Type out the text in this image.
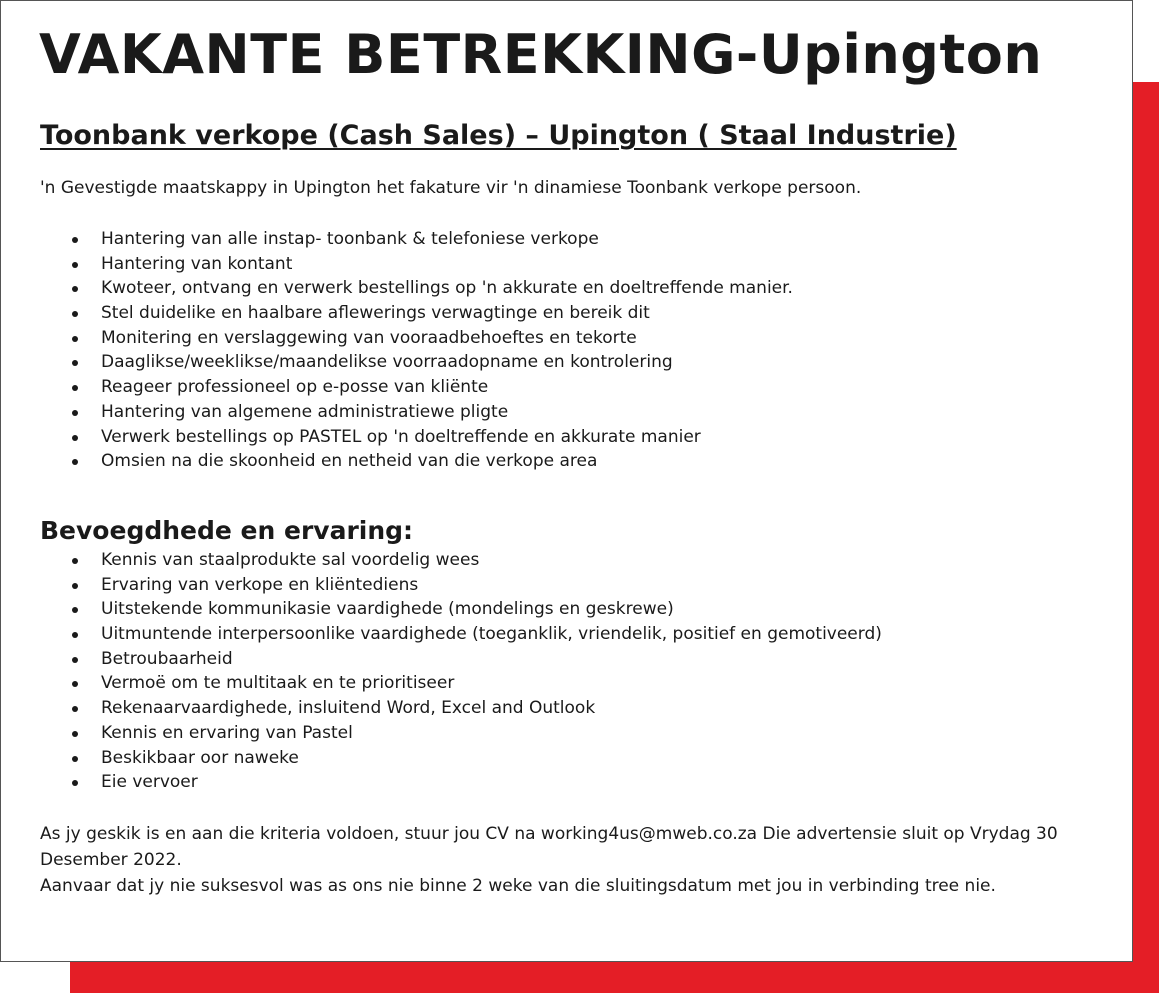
VAKANTE BETREKKING-Upington
Toonbank verkope (Cash Sales) – Upington ( Staal Industrie)

'n Gevestigde maatskappy in Upington het fakature vir 'n dinamiese Toonbank verkope persoon.

Hantering van alle instap- toonbank & telefoniese verkope
Hantering van kontant
Kwoteer, ontvang en verwerk bestellings op 'n akkurate en doeltreffende manier.
Stel duidelike en haalbare aflewerings verwagtinge en bereik dit
Monitering en verslaggewing van vooraadbehoeftes en tekorte
Daaglikse/weeklikse/maandelikse voorraadopname en kontrolering
Reageer professioneel op e-posse van kliënte
Hantering van algemene administratiewe pligte
Verwerk bestellings op PASTEL op 'n doeltreffende en akkurate manier
Omsien na die skoonheid en netheid van die verkope area
Bevoegdhede en ervaring:
Kennis van staalprodukte sal voordelig wees
Ervaring van verkope en kliëntediens
Uitstekende kommunikasie vaardighede (mondelings en geskrewe)
Uitmuntende interpersoonlike vaardighede (toeganklik, vriendelik, positief en gemotiveerd)
Betroubaarheid
Vermoë om te multitaak en te prioritiseer
Rekenaarvaardighede, insluitend Word, Excel and Outlook
Kennis en ervaring van Pastel
Beskikbaar oor naweke
Eie vervoer

As jy geskik is en aan die kriteria voldoen, stuur jou CV na working4us@mweb.co.za Die advertensie sluit op Vrydag 30 Desember 2022.

Aanvaar dat jy nie suksesvol was as ons nie binne 2 weke van die sluitingsdatum met jou in verbinding tree nie.
